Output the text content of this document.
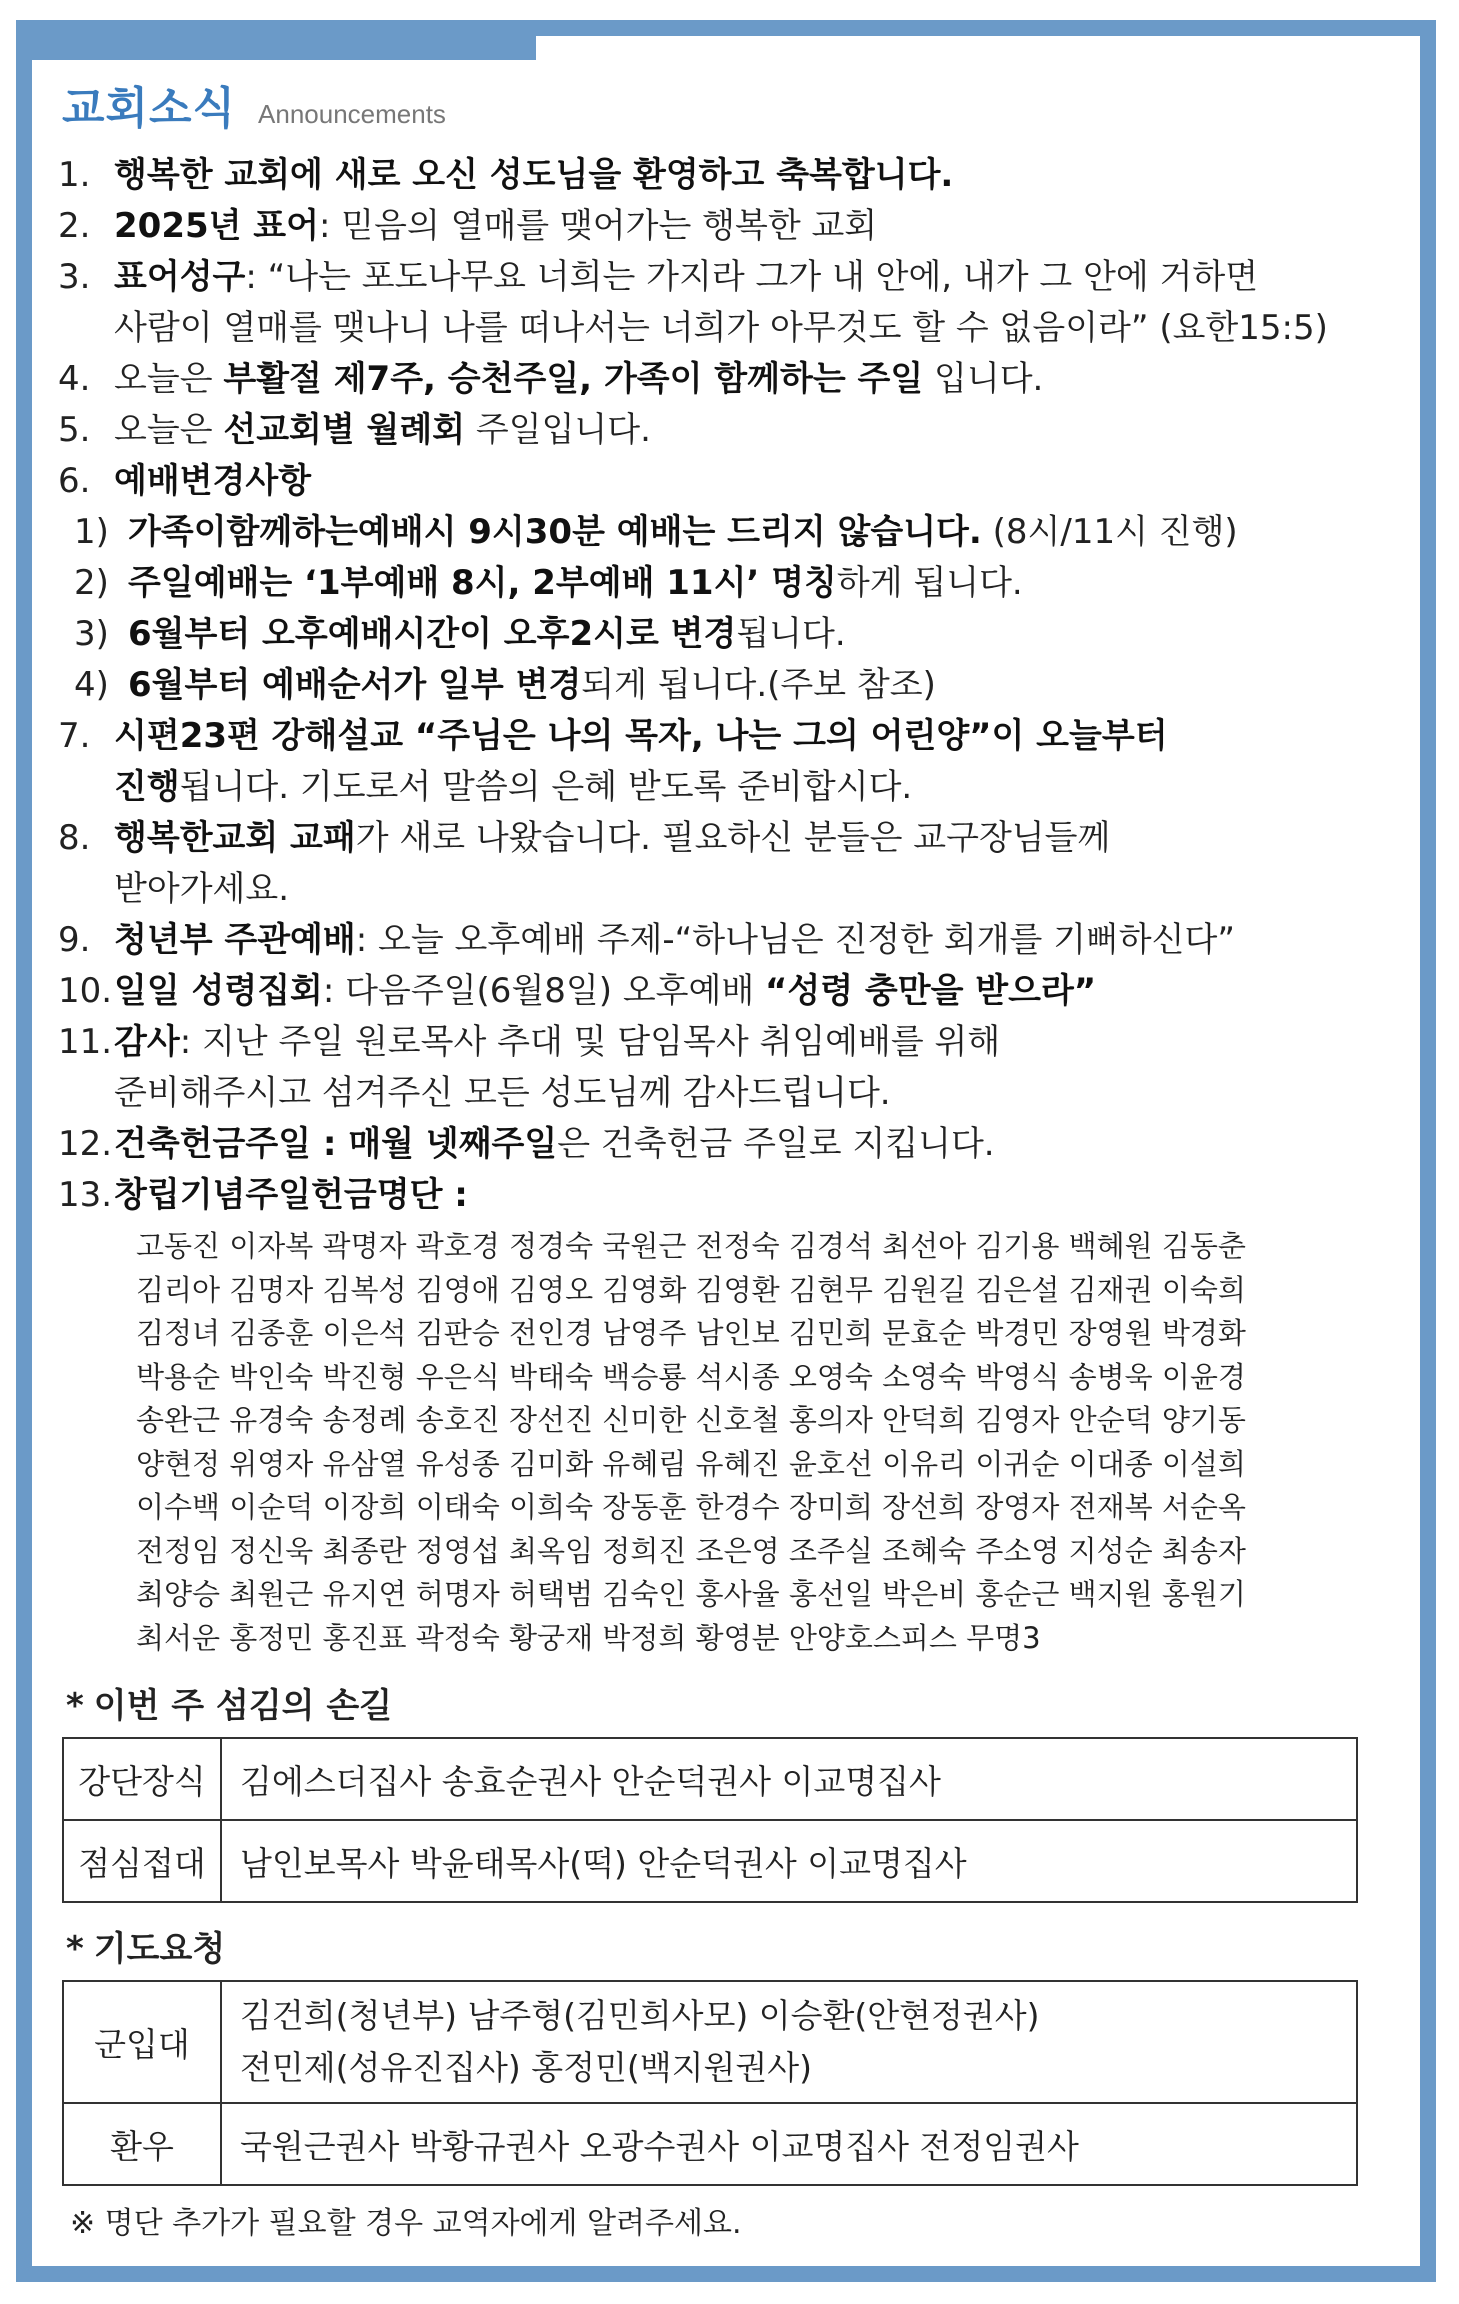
교회소식 Announcements
1. 행복한 교회에 새로 오신 성도님을 환영하고 축복합니다.
2. 2025년 표어: 믿음의 열매를 맺어가는 행복한 교회
3. 표어성구: “나는 포도나무요 너희는 가지라 그가 내 안에, 내가 그 안에 거하면
사람이 열매를 맺나니 나를 떠나서는 너희가 아무것도 할 수 없음이라” (요한15:5)
4. 오늘은 부활절 제7주, 승천주일, 가족이 함께하는 주일 입니다.
5. 오늘은 선교회별 월례회 주일입니다.
6. 예배변경사항
1) 가족이함께하는예배시 9시30분 예배는 드리지 않습니다. (8시/11시 진행)
2) 주일예배는 ‘1부예배 8시, 2부예배 11시’ 명칭하게 됩니다.
3) 6월부터 오후예배시간이 오후2시로 변경됩니다.
4) 6월부터 예배순서가 일부 변경되게 됩니다.(주보 참조)
7. 시편23편 강해설교 “주님은 나의 목자, 나는 그의 어린양”이 오늘부터
진행됩니다. 기도로서 말씀의 은혜 받도록 준비합시다.
8. 행복한교회 교패가 새로 나왔습니다. 필요하신 분들은 교구장님들께
받아가세요.
9. 청년부 주관예배: 오늘 오후예배 주제-“하나님은 진정한 회개를 기뻐하신다”
10. 일일 성령집회: 다음주일(6월8일) 오후예배 “성령 충만을 받으라”
11. 감사: 지난 주일 원로목사 추대 및 담임목사 취임예배를 위해
준비해주시고 섬겨주신 모든 성도님께 감사드립니다.
12. 건축헌금주일 : 매월 넷째주일은 건축헌금 주일로 지킵니다.
13. 창립기념주일헌금명단 :
고동진 이자복 곽명자 곽호경 정경숙 국원근 전정숙 김경석 최선아 김기용 백혜원 김동춘
김리아 김명자 김복성 김영애 김영오 김영화 김영환 김현무 김원길 김은설 김재권 이숙희
김정녀 김종훈 이은석 김판승 전인경 남영주 남인보 김민희 문효순 박경민 장영원 박경화
박용순 박인숙 박진형 우은식 박태숙 백승룡 석시종 오영숙 소영숙 박영식 송병욱 이윤경
송완근 유경숙 송정례 송호진 장선진 신미한 신호철 홍의자 안덕희 김영자 안순덕 양기동
양현정 위영자 유삼열 유성종 김미화 유혜림 유혜진 윤호선 이유리 이귀순 이대종 이설희
이수백 이순덕 이장희 이태숙 이희숙 장동훈 한경수 장미희 장선희 장영자 전재복 서순옥
전정임 정신욱 최종란 정영섭 최옥임 정희진 조은영 조주실 조혜숙 주소영 지성순 최송자
최양승 최원근 유지연 허명자 허택범 김숙인 홍사율 홍선일 박은비 홍순근 백지원 홍원기
최서운 홍정민 홍진표 곽정숙 황궁재 박정희 황영분 안양호스피스 무명3
* 이번 주 섬김의 손길
강단장식	김에스더집사 송효순권사 안순덕권사 이교명집사
점심접대	남인보목사 박윤태목사(떡) 안순덕권사 이교명집사
* 기도요청
군입대	김건희(청년부) 남주형(김민희사모) 이승환(안현정권사)
전민제(성유진집사) 홍정민(백지원권사)

환우	국원근권사 박황규권사 오광수권사 이교명집사 전정임권사
※ 명단 추가가 필요할 경우 교역자에게 알려주세요.
